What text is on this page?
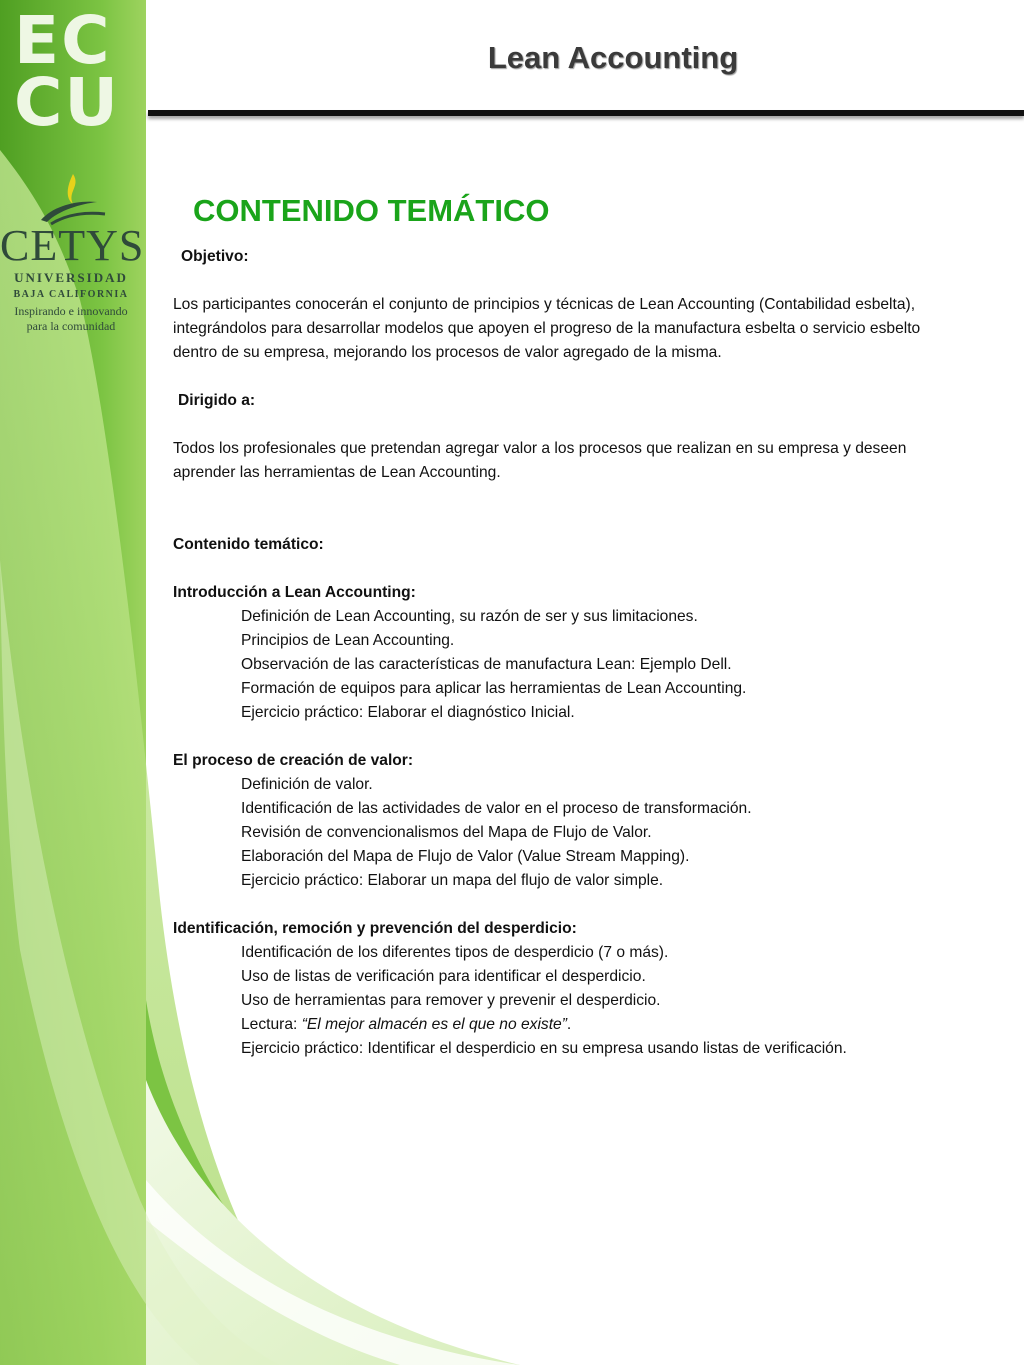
EC
CU
CETYS
UNIVERSIDAD
BAJA CALIFORNIA
Inspirando e innovando
para la comunidad
Lean Accounting
CONTENIDO TEMÁTICO
Objetivo:
Los participantes conocerán el conjunto de principios y técnicas de Lean Accounting (Contabilidad esbelta),
integrándolos para desarrollar modelos que apoyen el progreso de la manufactura esbelta o servicio esbelto
dentro de su empresa, mejorando los procesos de valor agregado de la misma.
Dirigido a:
Todos los profesionales que pretendan agregar valor a los procesos que realizan en su empresa y deseen
aprender las herramientas de Lean Accounting.
Contenido temático:
Introducción a Lean Accounting:
Definición de Lean Accounting, su razón de ser y sus limitaciones.
Principios de Lean Accounting.
Observación de las características de manufactura Lean: Ejemplo Dell.
Formación de equipos para aplicar las herramientas de Lean Accounting.
Ejercicio práctico: Elaborar el diagnóstico Inicial.
El proceso de creación de valor:
Definición de valor.
Identificación de las actividades de valor en el proceso de transformación.
Revisión de convencionalismos del Mapa de Flujo de Valor.
Elaboración del Mapa de Flujo de Valor (Value Stream Mapping).
Ejercicio práctico: Elaborar un mapa del flujo de valor simple.
Identificación, remoción y prevención del desperdicio:
Identificación de los diferentes tipos de desperdicio (7 o más).
Uso de listas de verificación para identificar el desperdicio.
Uso de herramientas para remover y prevenir el desperdicio.
Lectura: “El mejor almacén es el que no existe”.
Ejercicio práctico: Identificar el desperdicio en su empresa usando listas de verificación.
